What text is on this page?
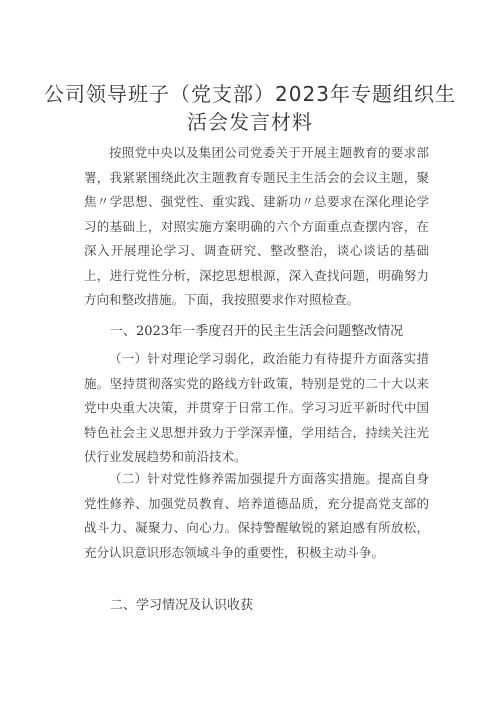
公司领导班子（党支部）2023年专题组织生
活会发言材料

按照党中央以及集团公司党委关于开展主题教育的要求部署，我紧紧围绕此次主题教育专题民主生活会的会议主题，聚焦〃学思想、强党性、重实践、建新功〃总要求在深化理论学习的基础上，对照实施方案明确的六个方面重点查摆内容，在深入开展理论学习、调查研究、整改整治，谈心谈话的基础上，进行党性分析，深挖思想根源，深入查找问题，明确努力方向和整改措施。下面，我按照要求作对照检查。

一、2023年一季度召开的民主生活会问题整改情况

（一）针对理论学习弱化，政治能力有待提升方面落实措施。坚持贯彻落实党的路线方针政策，特别是党的二十大以来党中央重大决策，并贯穿于日常工作。学习习近平新时代中国特色社会主义思想并致力于学深弄懂，学用结合，持续关注光伏行业发展趋势和前沿技术。

（二）针对党性修养需加强提升方面落实措施。提高自身党性修养、加强党员教育、培养道德品质，充分提高党支部的战斗力、凝聚力、向心力。保持警醒敏锐的紧迫感有所放松，充分认识意识形态领域斗争的重要性，积极主动斗争。

二、学习情况及认识收获
